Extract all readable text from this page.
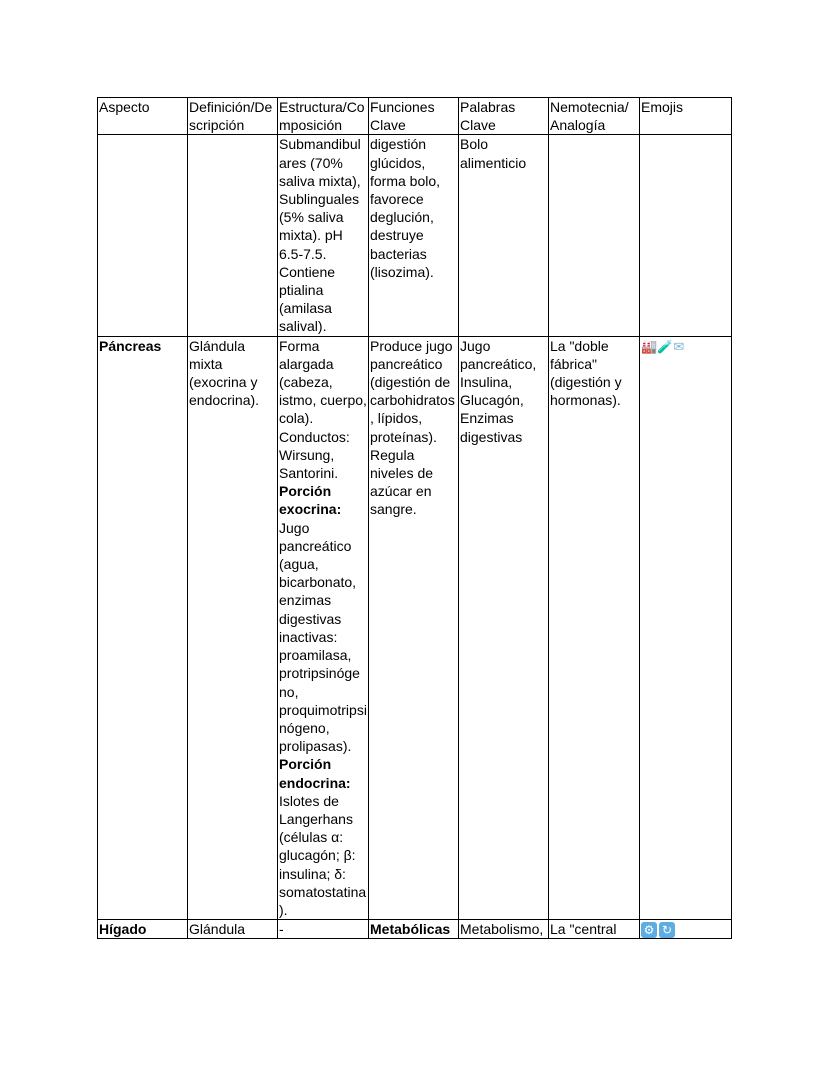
Aspecto	Definición/Descripción	Estructura/Composición	Funciones Clave	Palabras Clave	Nemotecnia/ Analogía	Emojis
		Submandibulares (70% saliva mixta), Sublinguales (5% saliva mixta). pH 6.5-7.5. Contiene ptialina (amilasa salival).	digestión glúcidos, forma bolo, favorece deglución, destruye bacterias (lisozima).	Bolo alimenticio		
Páncreas	Glándula mixta (exocrina y endocrina).	Forma alargada (cabeza, istmo, cuerpo, cola). Conductos: Wirsung, Santorini.
Porción exocrina:
Jugo pancreático (agua, bicarbonato, enzimas digestivas inactivas: proamilasa, protripsinógeno, proquimotripsinógeno, prolipasas).
Porción endocrina:
Islotes de Langerhans (células α: glucagón; β: insulina; δ: somatostatina).	Produce jugo pancreático (digestión de carbohidratos, lípidos, proteínas). Regula niveles de azúcar en sangre.	Jugo pancreático, Insulina, Glucagón, Enzimas digestivas	La "doble fábrica" (digestión y hormonas).	🏭🧪✉
Hígado	Glándula	-	Metabólicas	Metabolismo,	La "central	⚙ ↻
